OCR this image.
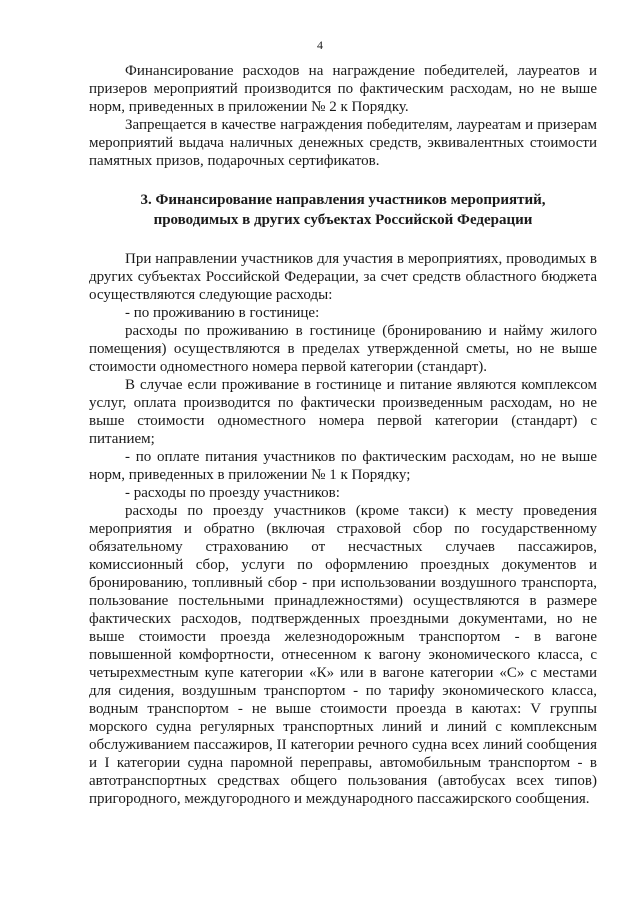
4

Финансирование расходов на награждение победителей, лауреатов и призеров мероприятий производится по фактическим расходам, но не выше норм, приведенных в приложении № 2 к Порядку.

Запрещается в качестве награждения победителям, лауреатам и призерам мероприятий выдача наличных денежных средств, эквивалентных стоимости памятных призов, подарочных сертификатов.

3. Финансирование направления участников мероприятий, проводимых в других субъектах Российской Федерации

При направлении участников для участия в мероприятиях, проводимых в других субъектах Российской Федерации, за счет средств областного бюджета осуществляются следующие расходы:

- по проживанию в гостинице:

расходы по проживанию в гостинице (бронированию и найму жилого помещения) осуществляются в пределах утвержденной сметы, но не выше стоимости одноместного номера первой категории (стандарт).

В случае если проживание в гостинице и питание являются комплексом услуг, оплата производится по фактически произведенным расходам, но не выше стоимости одноместного номера первой категории (стандарт) с питанием;

- по оплате питания участников по фактическим расходам, но не выше норм, приведенных в приложении № 1 к Порядку;

- расходы по проезду участников:

расходы по проезду участников (кроме такси) к месту проведения мероприятия и обратно (включая страховой сбор по государственному обязательному страхованию от несчастных случаев пассажиров, комиссионный сбор, услуги по оформлению проездных документов и бронированию, топливный сбор - при использовании воздушного транспорта, пользование постельными принадлежностями) осуществляются в размере фактических расходов, подтвержденных проездными документами, но не выше стоимости проезда железнодорожным транспортом - в вагоне повышенной комфортности, отнесенном к вагону экономического класса, с четырехместным купе категории «К» или в вагоне категории «С» с местами для сидения, воздушным транспортом - по тарифу экономического класса, водным транспортом - не выше стоимости проезда в каютах: V группы морского судна регулярных транспортных линий и линий с комплексным обслуживанием пассажиров, II категории речного судна всех линий сообщения и I категории судна паромной переправы, автомобильным транспортом - в автотранспортных средствах общего пользования (автобусах всех типов) пригородного, междугородного и международного пассажирского сообщения.
